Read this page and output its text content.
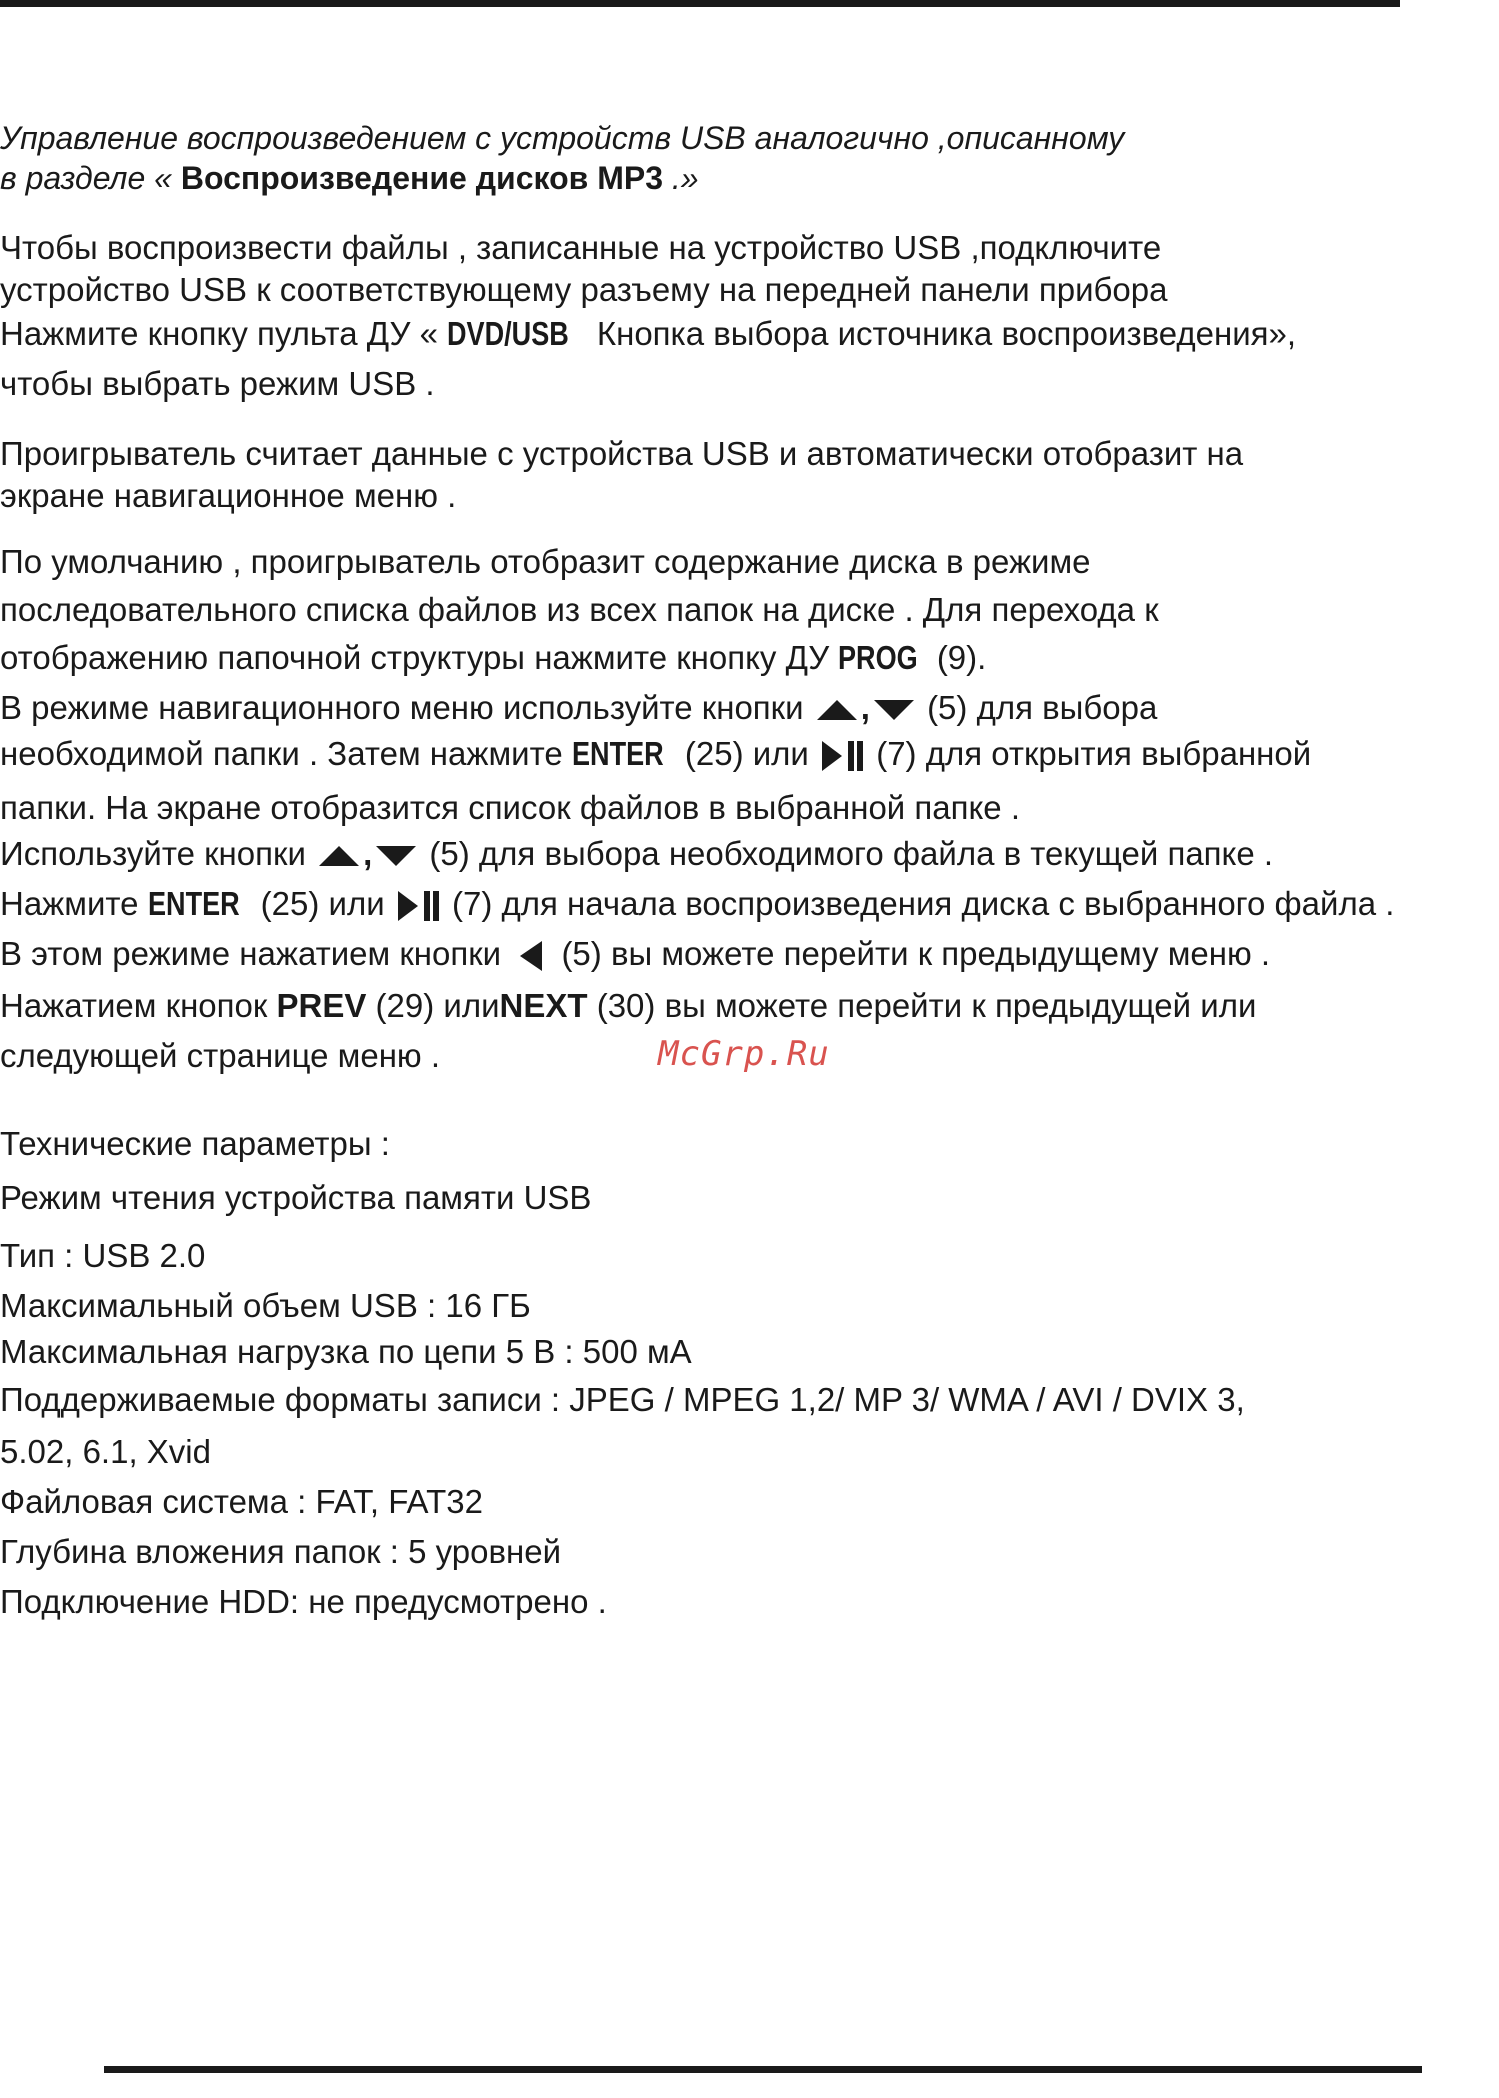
Управление воспроизведением с устройств USB аналогично ,описанному
в разделе « Воспроизведение дисков MP3 .»
Чтобы воспроизвести файлы , записанные на устройство USB ,подключите
устройство USB к соответствующему разъему на передней панели прибора
Нажмите кнопку пульта ДУ « DVD/USB Кнопка выбора источника воспроизведения»,
чтобы выбрать режим USB .
Проигрыватель считает данные с устройства USB и автоматически отобразит на
экране навигационное меню .
По умолчанию , проигрыватель отобразит содержание диска в режиме
последовательного списка файлов из всех папок на диске . Для перехода к
отображению папочной структуры нажмите кнопку ДУ PROG (9).
В режиме навигационного меню используйте кнопки , (5) для выбора
необходимой папки . Затем нажмите ENTER (25) или (7) для открытия выбранной
папки. На экране отобразится список файлов в выбранной папке .
Используйте кнопки , (5) для выбора необходимого файла в текущей папке .
Нажмите ENTER (25) или (7) для начала воспроизведения диска с выбранного файла .
В этом режиме нажатием кнопки (5) вы можете перейти к предыдущему меню .
Нажатием кнопок PREV (29) илиNEXT (30) вы можете перейти к предыдущей или
следующей странице меню .	McGrp.Ru
Технические параметры :
Режим чтения устройства памяти USB
Тип : USB 2.0
Максимальный объем USB : 16 ГБ
Максимальная нагрузка по цепи 5 В : 500 мА
Поддерживаемые форматы записи : JPEG / MPEG 1,2/ MP 3/ WMA / AVI / DVIX 3,
5.02, 6.1, Xvid
Файловая система : FAT, FAT32
Глубина вложения папок : 5 уровней
Подключение HDD: не предусмотрено .
